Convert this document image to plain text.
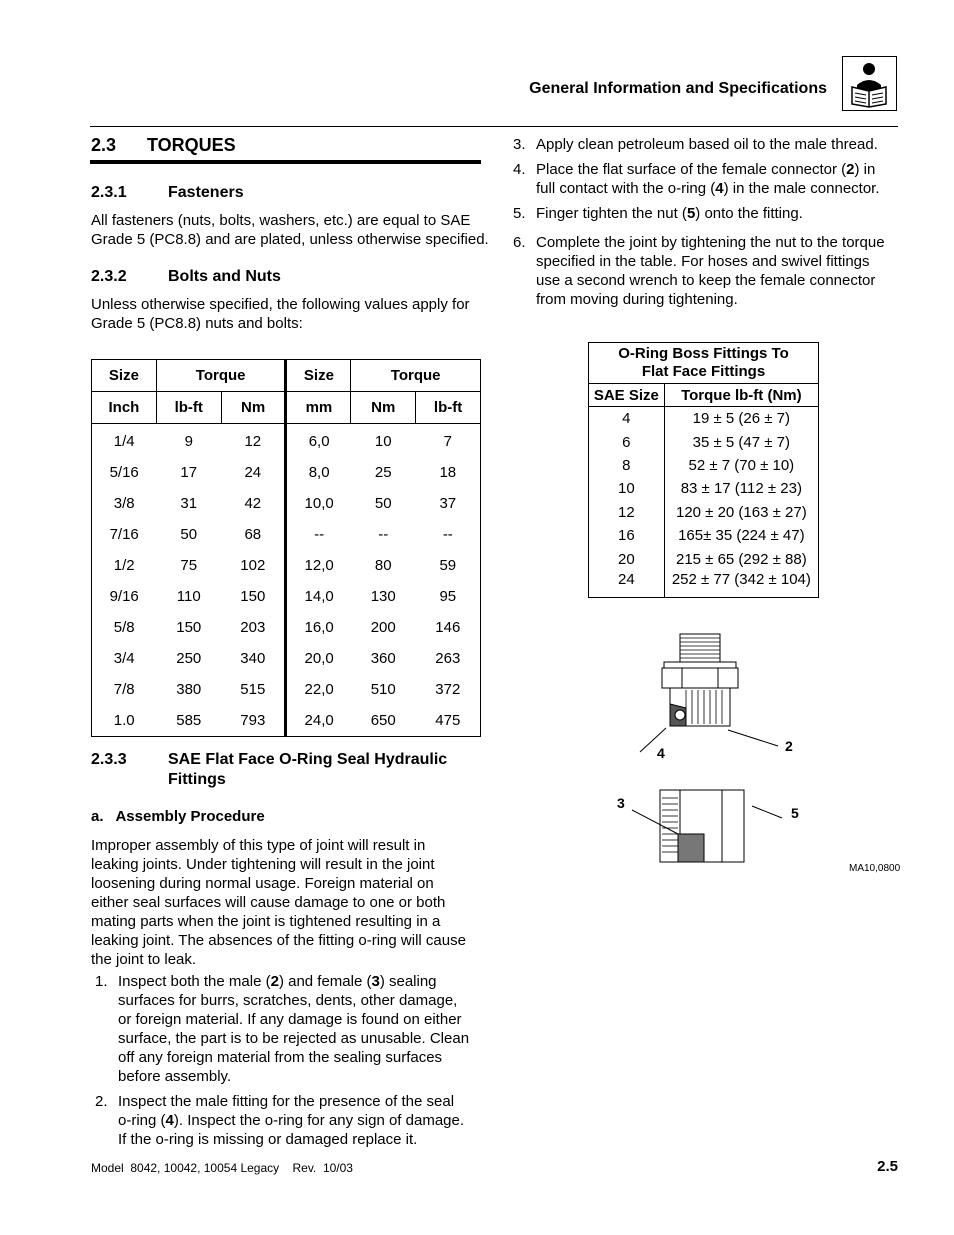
General Information and Specifications
2.3 TORQUES
2.3.1	Fasteners

All fasteners (nuts, bolts, washers, etc.) are equal to SAE

Grade 5 (PC8.8) and are plated, unless otherwise specified.

2.3.2	Bolts and Nuts

Unless otherwise specified, the following values apply for

Grade 5 (PC8.8) nuts and bolts:

Size	Torque		Size	Torque	
Inch	lb-ft	Nm	mm	Nm	lb-ft
1/4	9	12	6,0	10	7
5/16	17	24	8,0	25	18
3/8	31	42	10,0	50	37
7/16	50	68	--	--	--
1/2	75	102	12,0	80	59
9/16	110	150	14,0	130	95
5/8	150	203	16,0	200	146
3/4	250	340	20,0	360	263
7/8	380	515	22,0	510	372
1.0	585	793	24,0	650	475
2.3.3	SAE Flat Face O-Ring Seal Hydraulic
Fittings
a.   Assembly Procedure

Improper assembly of this type of joint will result in

leaking joints. Under tightening will result in the joint

loosening during normal usage. Foreign material on

either seal surfaces will cause damage to one or both

mating parts when the joint is tightened resulting in a

leaking joint. The absences of the fitting o-ring will cause

the joint to leak.

1. Inspect both the male (2) and female (3) sealing
surfaces for burrs, scratches, dents, other damage,
or foreign material. If any damage is found on either
surface, the part is to be rejected as unusable. Clean
off any foreign material from the sealing surfaces
before assembly.
2. Inspect the male fitting for the presence of the seal
o-ring (4). Inspect the o-ring for any sign of damage.
If the o-ring is missing or damaged replace it.
3. Apply clean petroleum based oil to the male thread.
4. Place the flat surface of the female connector (2) in
full contact with the o-ring (4) in the male connector.
5. Finger tighten the nut (5) onto the fitting.
6. Complete the joint by tightening the nut to the torque
specified in the table. For hoses and swivel fittings
use a second wrench to keep the female connector
from moving during tightening.
O-Ring Boss Fittings To
Flat Face Fittings	

SAE Size	Torque lb-ft (Nm)
4	19 ± 5 (26 ± 7)
6	35 ± 5 (47 ± 7)
8	52 ± 7 (70 ± 10)
10	83 ± 17 (112 ± 23)
12	120 ± 20 (163 ± 27)
16	165± 35 (224 ± 47)
20	215 ± 65 (292 ± 88)
24	252 ± 77 (342 ± 104)
2
4
3
5
MA10,0800
Model  8042, 10042, 10054 Legacy    Rev.  10/03	2.5
